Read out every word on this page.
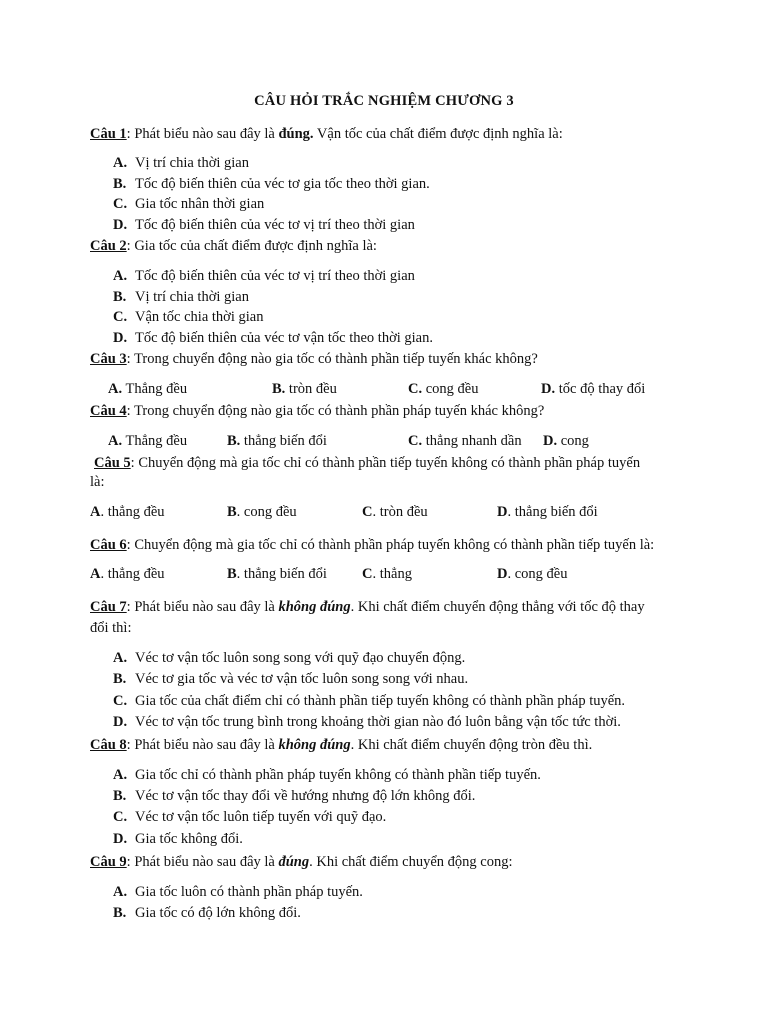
CÂU HỎI TRẮC NGHIỆM CHƯƠNG 3
Câu 1: Phát biểu nào sau đây là đúng. Vận tốc của chất điểm được định nghĩa là:
A. Vị trí chia thời gian
B. Tốc độ biến thiên của véc tơ gia tốc theo thời gian.
C. Gia tốc nhân thời gian
D. Tốc độ biến thiên của véc tơ vị trí theo thời gian
Câu 2: Gia tốc của chất điểm được định nghĩa là:
A. Tốc độ biến thiên của véc tơ vị trí theo thời gian
B. Vị trí chia thời gian
C. Vận tốc chia thời gian
D. Tốc độ biến thiên của véc tơ vận tốc theo thời gian.
Câu 3: Trong chuyển động nào gia tốc có thành phần tiếp tuyến khác không?
A. Thẳng đều	B. tròn đều	C. cong đều	D. tốc độ thay đổi
Câu 4: Trong chuyển động nào gia tốc có thành phần pháp tuyến khác không?
A. Thẳng đều	B. thẳng biến đổi	C. thẳng nhanh dần D. cong
Câu 5: Chuyển động mà gia tốc chỉ có thành phần tiếp tuyến không có thành phần pháp tuyến
là:
A. thẳng đều	B. cong đều	C. tròn đều	D. thẳng biến đổi
Câu 6: Chuyển động mà gia tốc chỉ có thành phần pháp tuyến không có thành phần tiếp tuyến là:
A. thẳng đều	B. thẳng biến đổi C. thẳng	D. cong đều
Câu 7: Phát biểu nào sau đây là không đúng. Khi chất điểm chuyển động thẳng với tốc độ thay
đổi thì:
A. Véc tơ vận tốc luôn song song với quỹ đạo chuyển động.
B. Véc tơ gia tốc và véc tơ vận tốc luôn song song với nhau.
C. Gia tốc của chất điểm chỉ có thành phần tiếp tuyến không có thành phần pháp tuyến.
D. Véc tơ vận tốc trung bình trong khoảng thời gian nào đó luôn bằng vận tốc tức thời.
Câu 8: Phát biểu nào sau đây là không đúng. Khi chất điểm chuyển động tròn đều thì.
A. Gia tốc chỉ có thành phần pháp tuyến không có thành phần tiếp tuyến.
B. Véc tơ vận tốc thay đổi về hướng nhưng độ lớn không đổi.
C. Véc tơ vận tốc luôn tiếp tuyến với quỹ đạo.
D. Gia tốc không đổi.
Câu 9: Phát biểu nào sau đây là đúng. Khi chất điểm chuyển động cong:
A. Gia tốc luôn có thành phần pháp tuyến.
B. Gia tốc có độ lớn không đổi.
